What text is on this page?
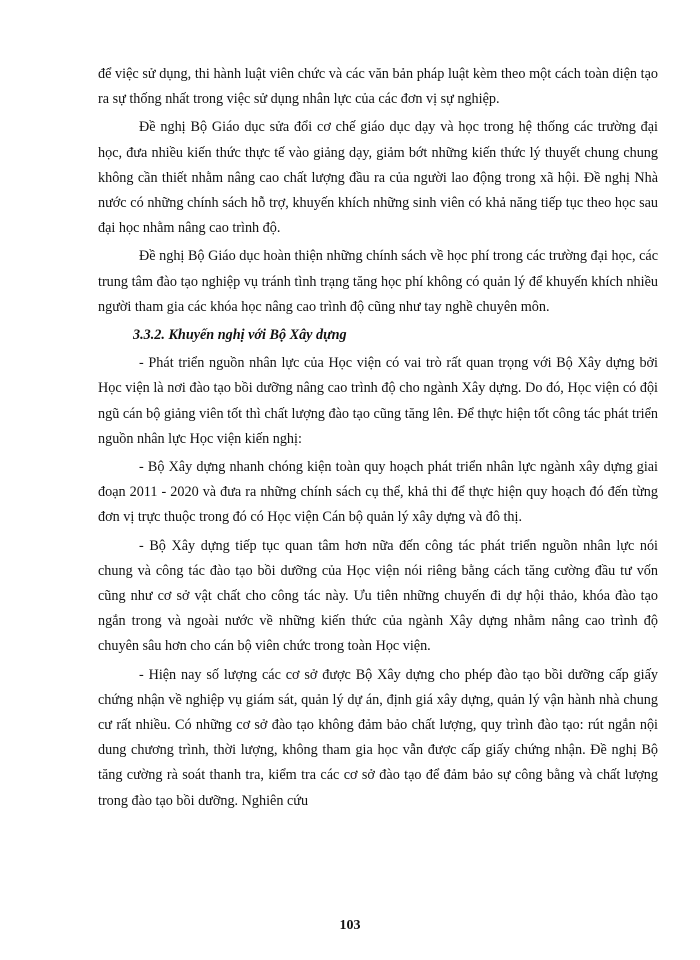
để việc sử dụng, thi hành luật viên chức và các văn bản pháp luật kèm theo một cách toàn diện tạo ra sự thống nhất trong việc sử dụng nhân lực của các đơn vị sự nghiệp.

Đề nghị Bộ Giáo dục sửa đổi cơ chế giáo dục dạy và học trong hệ thống các trường đại học, đưa nhiều kiến thức thực tế vào giảng dạy, giảm bớt những kiến thức lý thuyết chung chung không cần thiết nhằm nâng cao chất lượng đầu ra của người lao động trong xã hội. Đề nghị Nhà nước có những chính sách hỗ trợ, khuyến khích những sinh viên có khả năng tiếp tục theo học sau đại học nhằm nâng cao trình độ.

Đề nghị Bộ Giáo dục hoàn thiện những chính sách về học phí trong các trường đại học, các trung tâm đào tạo nghiệp vụ tránh tình trạng tăng học phí không có quản lý để khuyến khích nhiều người tham gia các khóa học nâng cao trình độ cũng như tay nghề chuyên môn.

3.3.2. Khuyến nghị với Bộ Xây dựng

- Phát triển nguồn nhân lực của Học viện có vai trò rất quan trọng với Bộ Xây dựng bởi Học viện là nơi đào tạo bồi dưỡng nâng cao trình độ cho ngành Xây dựng. Do đó, Học viện có đội ngũ cán bộ giảng viên tốt thì chất lượng đào tạo cũng tăng lên. Để thực hiện tốt công tác phát triển nguồn nhân lực Học viện kiến nghị:

- Bộ Xây dựng nhanh chóng kiện toàn quy hoạch phát triển nhân lực ngành xây dựng giai đoạn 2011 - 2020 và đưa ra những chính sách cụ thể, khả thi để thực hiện quy hoạch đó đến từng đơn vị trực thuộc trong đó có Học viện Cán bộ quản lý xây dựng và đô thị.

- Bộ Xây dựng tiếp tục quan tâm hơn nữa đến công tác phát triển nguồn nhân lực nói chung và công tác đào tạo bồi dưỡng của Học viện nói riêng bằng cách tăng cường đầu tư vốn cũng như cơ sở vật chất cho công tác này. Ưu tiên những chuyến đi dự hội thảo, khóa đào tạo ngắn trong và ngoài nước về những kiến thức của ngành Xây dựng nhằm nâng cao trình độ chuyên sâu hơn cho cán bộ viên chức trong toàn Học viện.

- Hiện nay số lượng các cơ sở được Bộ Xây dựng cho phép đào tạo bồi dưỡng cấp giấy chứng nhận về nghiệp vụ giám sát, quản lý dự án, định giá xây dựng, quản lý vận hành nhà chung cư rất nhiều. Có những cơ sở đào tạo không đảm bảo chất lượng, quy trình đào tạo: rút ngắn nội dung chương trình, thời lượng, không tham gia học vẫn được cấp giấy chứng nhận. Đề nghị Bộ tăng cường rà soát thanh tra, kiểm tra các cơ sở đào tạo để đảm bảo sự công bằng và chất lượng trong đào tạo bồi dưỡng. Nghiên cứu

103
